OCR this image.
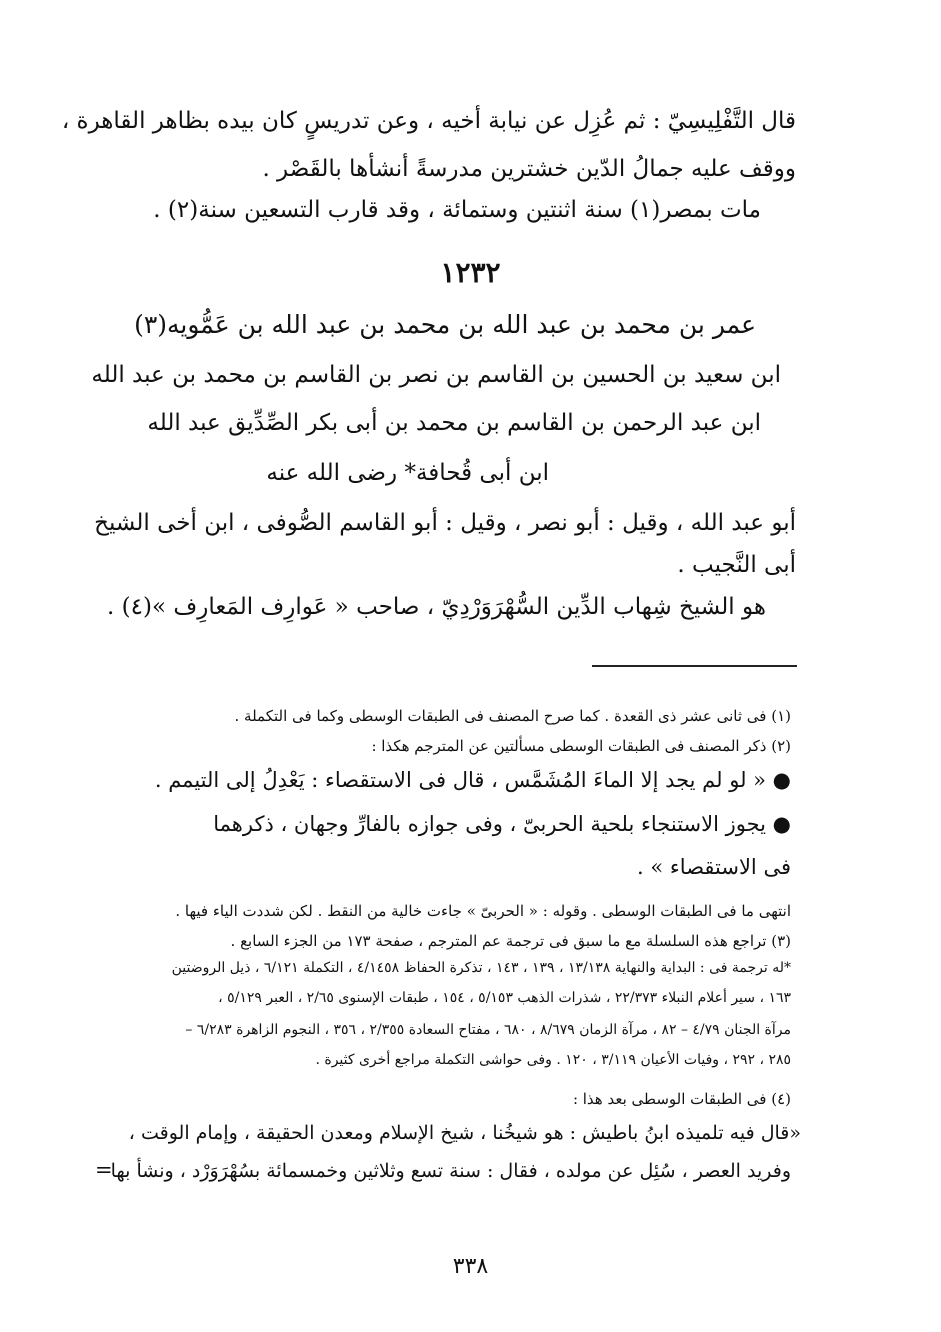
قال التَّفْلِيسِيّ : ثم عُزِل عن نيابة أخيه ، وعن تدريسٍ كان بيده بظاهر القاهرة ،
ووقف عليه جمالُ الدّين خشترين مدرسةً أنشأها بالقَصْر .
مات بمصر(١) سنة اثنتين وستمائة ، وقد قارب التسعين سنة(٢) .
١٢٣٢
عمر بن محمد بن عبد الله بن محمد بن عبد الله بن عَمُّويه(٣)
ابن سعيد بن الحسين بن القاسم بن نصر بن القاسم بن محمد بن عبد الله
ابن عبد الرحمن بن القاسم بن محمد بن أبى بكر الصِّدِّيق عبد الله
ابن أبى قُحافة* رضى الله عنه
أبو عبد الله ، وقيل : أبو نصر ، وقيل : أبو القاسم الصُّوفى ، ابن أخى الشيخ
أبى النَّجيب .
هو الشيخ شِهاب الدِّين السُّهْرَوَرْدِيّ ، صاحب « عَوارِف المَعارِف »(٤) .
(١) فى ثانى عشر ذى القعدة . كما صرح المصنف فى الطبقات الوسطى وكما فى التكملة .
(٢) ذكر المصنف فى الطبقات الوسطى مسألتين عن المترجم هكذا :
● « لو لم يجد إلا الماءَ المُشَمَّس ، قال فى الاستقصاء : يَعْدِلُ إلى التيمم .
● يجوز الاستنجاء بلحية الحربىّ ، وفى جوازه بالفارِّ وجهان ، ذكرهما
فى الاستقصاء » .
انتهى ما فى الطبقات الوسطى . وقوله : « الحربىّ » جاءت خالية من النقط . لكن شددت الياء فيها .
(٣) تراجع هذه السلسلة مع ما سبق فى ترجمة عم المترجم ، صفحة ١٧٣ من الجزء السابع .
*له ترجمة فى : البداية والنهاية ١٣/١٣٨ ، ١٣٩ ، ١٤٣ ، تذكرة الحفاظ ٤/١٤٥٨ ، التكملة ٦/١٢١ ، ذيل الروضتين
١٦٣ ، سير أعلام النبلاء ٢٢/٣٧٣ ، شذرات الذهب ٥/١٥٣ ، ١٥٤ ، طبقات الإسنوى ٢/٦٥ ، العبر ٥/١٢٩ ،
مرآة الجنان ٤/٧٩ – ٨٢ ، مرآة الزمان ٨/٦٧٩ ، ٦٨٠ ، مفتاح السعادة ٢/٣٥٥ ، ٣٥٦ ، النجوم الزاهرة ٦/٢٨٣ –
٢٨٥ ، ٢٩٢ ، وفيات الأعيان ٣/١١٩ ، ١٢٠ . وفى حواشى التكملة مراجع أخرى كثيرة .
(٤) فى الطبقات الوسطى بعد هذا :
«قال فيه تلميذه ابنُ باطيش : هو شيخُنا ، شيخ الإسلام ومعدن الحقيقة ، وإمام الوقت ،
وفريد العصر ، سُئِل عن مولده ، فقال : سنة تسع وثلاثين وخمسمائة بسُهْرَوَرْد ، ونشأ بها
=
٣٣٨
